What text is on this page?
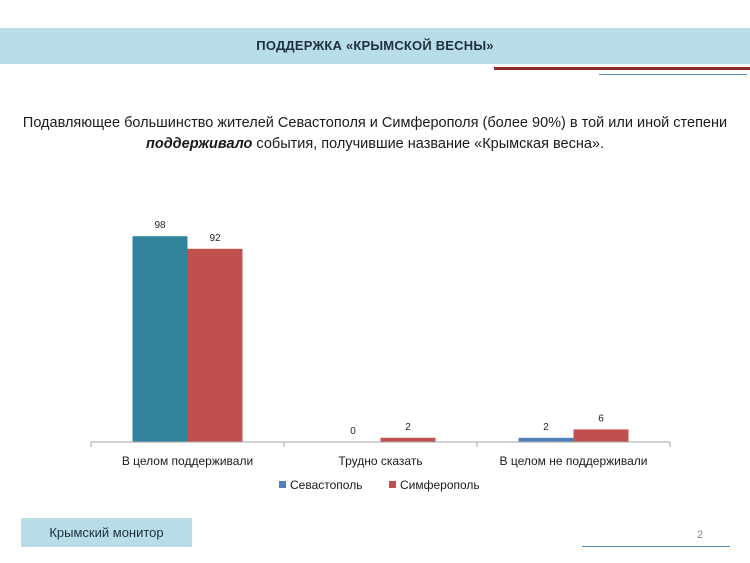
ПОДДЕРЖКА «КРЫМСКОЙ ВЕСНЫ»
Подавляющее большинство жителей Севастополя и Симферополя (более 90%) в той или иной степени поддерживало события, получившие название «Крымская весна».
98
92
0	2	2
6
В целом поддерживали	Трудно сказать	В целом не поддерживали
Севастополь	Симферополь
Крымский монитор	2
